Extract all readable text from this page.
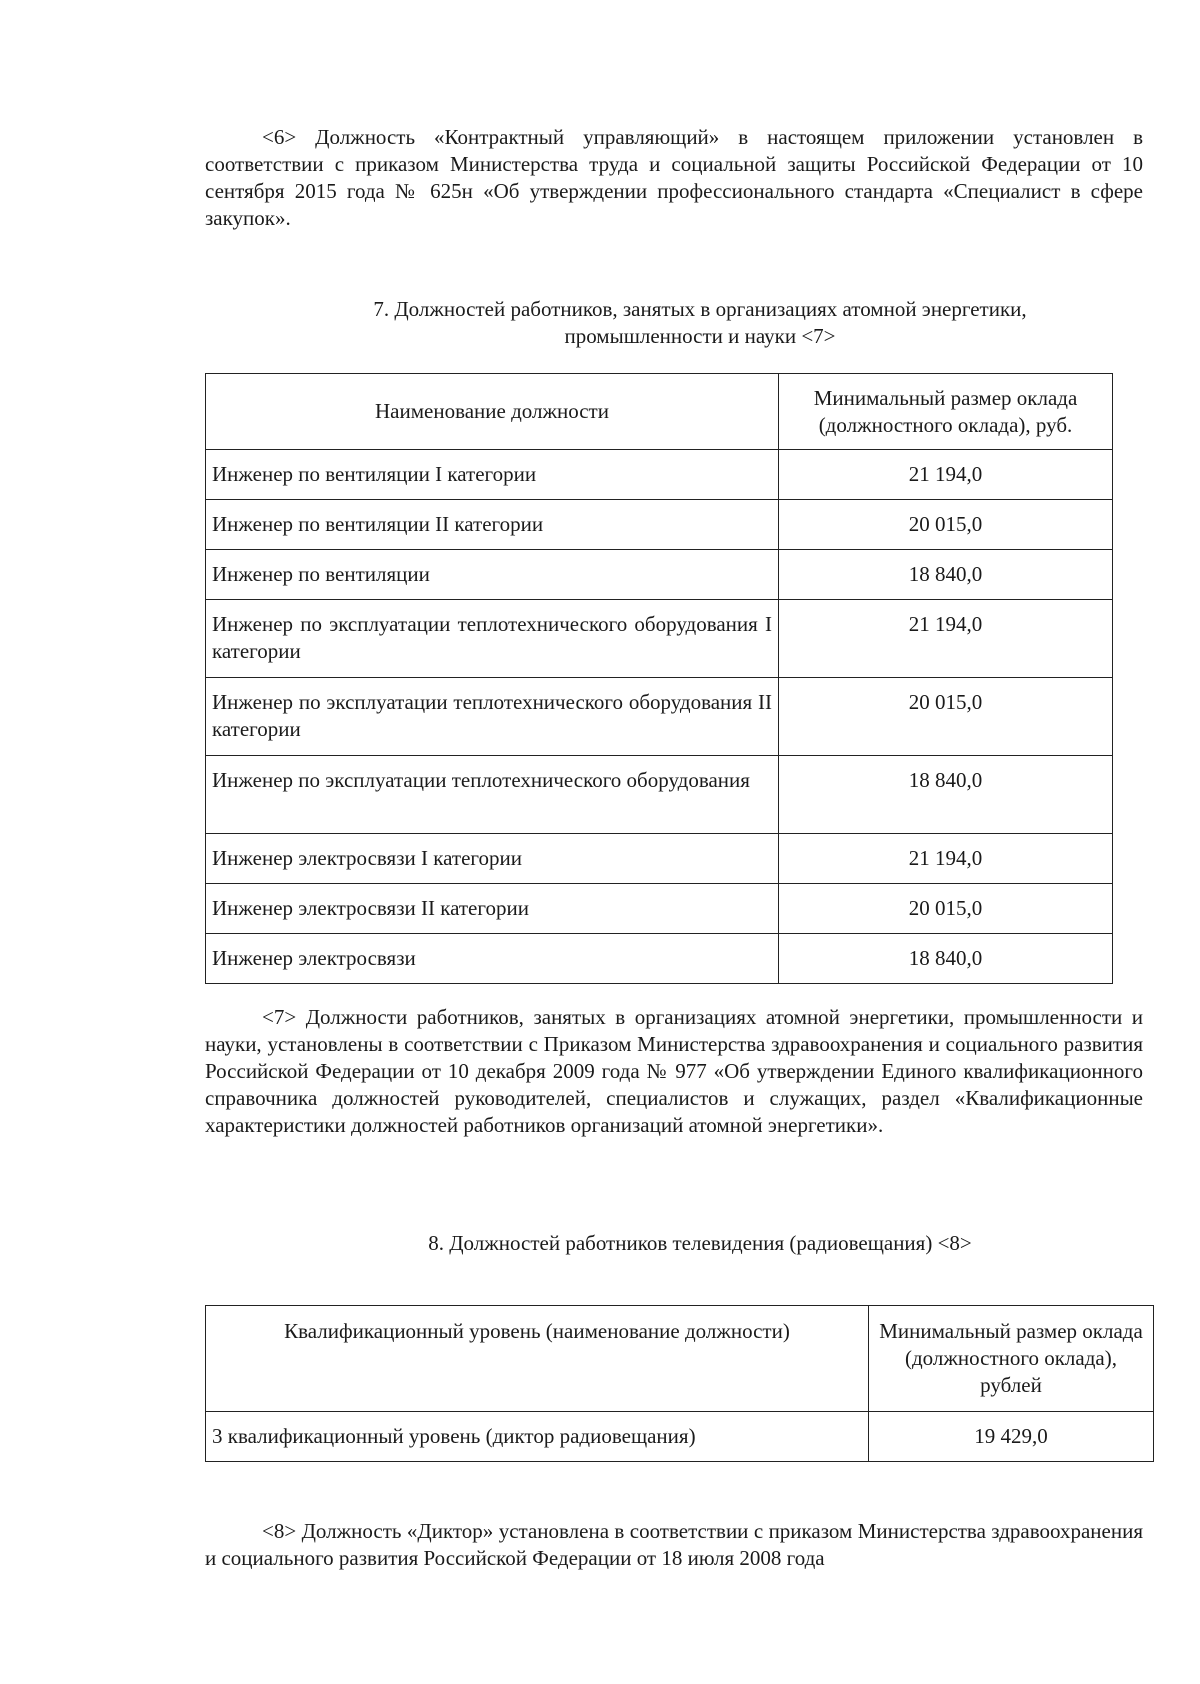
<6> Должность «Контрактный управляющий» в настоящем приложении установлен в соответствии с приказом Министерства труда и социальной защиты Российской Федерации от 10 сентября 2015 года № 625н «Об утверждении профессионального стандарта «Специалист в сфере закупок».

7. Должностей работников, занятых в организациях атомной энергетики,

промышленности и науки <7>

Наименование должности	Минимальный размер оклада (должностного оклада), руб.
Инженер по вентиляции I категории	21 194,0
Инженер по вентиляции II категории	20 015,0
Инженер по вентиляции	18 840,0
Инженер по эксплуатации теплотехнического оборудования I категории	21 194,0
Инженер по эксплуатации теплотехнического оборудования II категории	20 015,0
Инженер по эксплуатации теплотехнического оборудования	18 840,0
Инженер электросвязи I категории	21 194,0
Инженер электросвязи II категории	20 015,0
Инженер электросвязи	18 840,0

<7> Должности работников, занятых в организациях атомной энергетики, промышленности и науки, установлены в соответствии с Приказом Министерства здравоохранения и социального развития Российской Федерации от 10 декабря 2009 года № 977 «Об утверждении Единого квалификационного справочника должностей руководителей, специалистов и служащих, раздел «Квалификационные характеристики должностей работников организаций атомной энергетики».

8. Должностей работников телевидения (радиовещания) <8>

Квалификационный уровень (наименование должности)	Минимальный размер оклада (должностного оклада), рублей
3 квалификационный уровень (диктор радиовещания)	19 429,0

<8> Должность «Диктор» установлена в соответствии с приказом Министерства здравоохранения и социального развития Российской Федерации от 18 июля 2008 года
